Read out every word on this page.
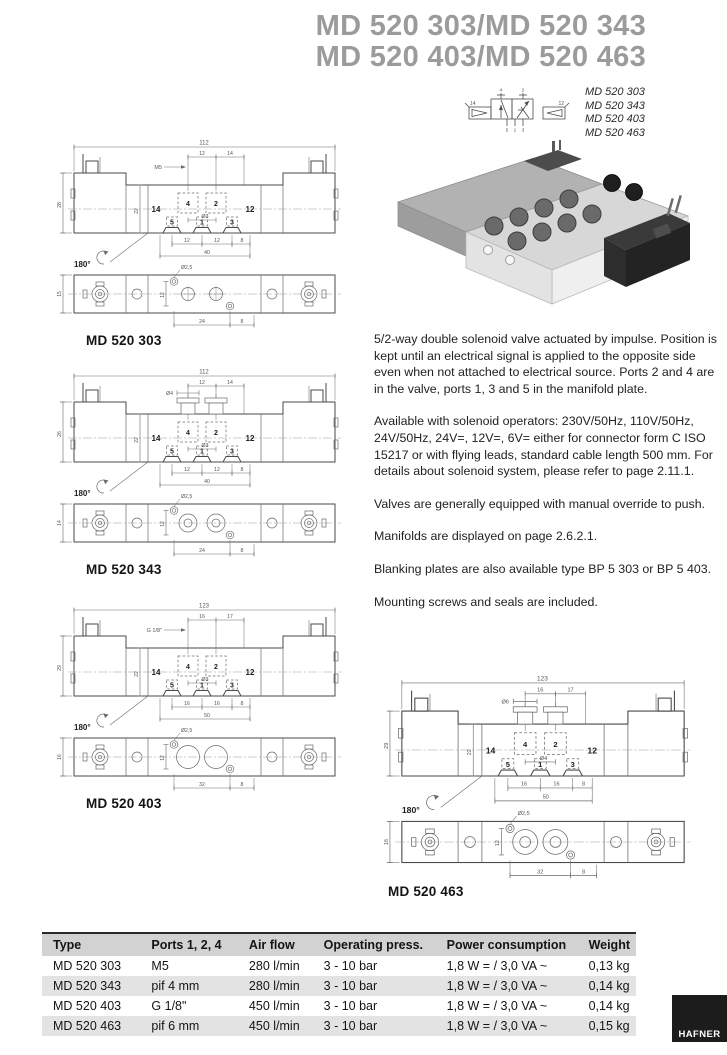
MD 520 303/MD 520 343
MD 520 403/MD 520 463
4	2
5 1 3
14	12
MD 520 303
MD 520 343
MD 520 403
MD 520 463
112
12	14
M5
4	2
14	12
Ø3
5	1	3
12	12	8
40
28
22
180°	Ø2,5
12
24	8
15
MD 520 303
112
12	14
Ø4
4	2
14	12
Ø3
5	1	3
12	12	8
40
26
22
180°	Ø2,5
12
24	8
14
MD 520 343
123
16	17
G 1/8"
4	2
14	12
Ø3
5	1	3
16	16	8
50
29
22
180°	Ø2,5
12
32	8
16
MD 520 403
123
16	17
Ø6
4	2
14	12
Ø4
5	1	3
16	16	8
50
29
22
180°	Ø2,5
12
32	8
16
MD 520 463

5/2-way double solenoid valve actuated by impulse. Position is kept until an electrical signal is applied to the opposite side even when not attached to electrical source. Ports 2 and 4 are in the valve, ports 1, 3 and 5 in the manifold plate.

Available with solenoid operators: 230V/50Hz, 110V/50Hz, 24V/50Hz, 24V=, 12V=, 6V= either for connector form C ISO 15217 or with flying leads, standard cable length 500 mm. For details about solenoid system, please refer to page 2.11.1.

Valves are generally equipped with manual override to push.

Manifolds are displayed on page 2.6.2.1.

Blanking plates are also available type BP 5 303 or BP 5 403.

Mounting screws and seals are included.

Type	Ports 1, 2, 4	Air flow	Operating press.	Power consumption	Weight
MD 520 303	M5	280 l/min	3 - 10 bar	1,8 W = / 3,0 VA ~	0,13 kg
MD 520 343	pif 4 mm	280 l/min	3 - 10 bar	1,8 W = / 3,0 VA ~	0,14 kg
MD 520 403	G 1/8"	450 l/min	3 - 10 bar	1,8 W = / 3,0 VA ~	0,14 kg
MD 520 463	pif 6 mm	450 l/min	3 - 10 bar	1,8 W = / 3,0 VA ~	0,15 kg
HAFNER
